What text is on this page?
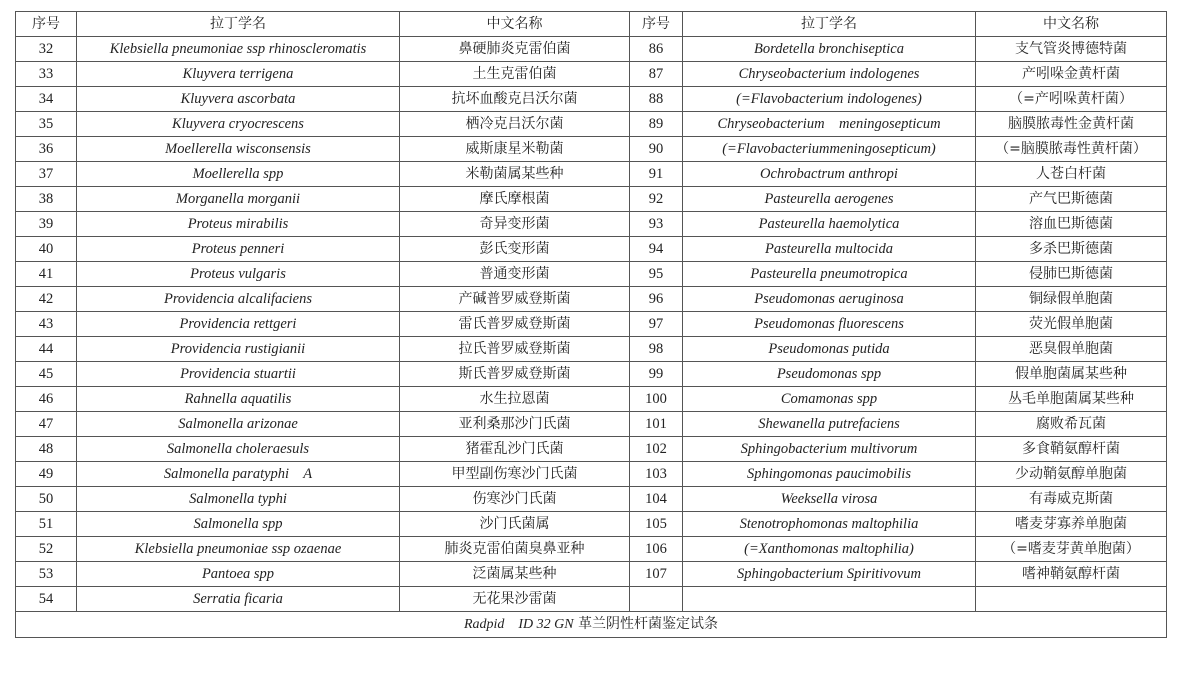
序号	拉丁学名	中文名称	序号	拉丁学名	中文名称
32	Klebsiella pneumoniae ssp rhinoscleromatis	鼻硬肺炎克雷伯菌	86	Bordetella bronchiseptica	支气管炎博德特菌
33	Kluyvera terrigena	土生克雷伯菌	87	Chryseobacterium indologenes	产吲哚金黄杆菌
34	Kluyvera ascorbata	抗坏血酸克吕沃尔菌	88	(=Flavobacterium indologenes)	（=产吲哚黄杆菌）
35	Kluyvera cryocrescens	栖冷克吕沃尔菌	89	Chryseobacterium    meningosepticum	脑膜脓毒性金黄杆菌
36	Moellerella wisconsensis	威斯康星米勒菌	90	(=Flavobacteriummeningosepticum)	（=脑膜脓毒性黄杆菌）
37	Moellerella spp	米勒菌属某些种	91	Ochrobactrum anthropi	人苍白杆菌
38	Morganella morganii	摩氏摩根菌	92	Pasteurella aerogenes	产气巴斯德菌
39	Proteus mirabilis	奇异变形菌	93	Pasteurella haemolytica	溶血巴斯德菌
40	Proteus penneri	彭氏变形菌	94	Pasteurella multocida	多杀巴斯德菌
41	Proteus vulgaris	普通变形菌	95	Pasteurella pneumotropica	侵肺巴斯德菌
42	Providencia alcalifaciens	产碱普罗威登斯菌	96	Pseudomonas aeruginosa	铜绿假单胞菌
43	Providencia rettgeri	雷氏普罗威登斯菌	97	Pseudomonas fluorescens	荧光假单胞菌
44	Providencia rustigianii	拉氏普罗威登斯菌	98	Pseudomonas putida	恶臭假单胞菌
45	Providencia stuartii	斯氏普罗威登斯菌	99	Pseudomonas spp	假单胞菌属某些种
46	Rahnella aquatilis	水生拉恩菌	100	Comamonas spp	丛毛单胞菌属某些种
47	Salmonella arizonae	亚利桑那沙门氏菌	101	Shewanella putrefaciens	腐败希瓦菌
48	Salmonella choleraesuls	猪霍乱沙门氏菌	102	Sphingobacterium multivorum	多食鞘氨醇杆菌
49	Salmonella paratyphi    A	甲型副伤寒沙门氏菌	103	Sphingomonas paucimobilis	少动鞘氨醇单胞菌
50	Salmonella typhi	伤寒沙门氏菌	104	Weeksella virosa	有毒威克斯菌
51	Salmonella spp	沙门氏菌属	105	Stenotrophomonas maltophilia	嗜麦芽寡养单胞菌
52	Klebsiella pneumoniae ssp ozaenae	肺炎克雷伯菌臭鼻亚种	106	(=Xanthomonas maltophilia)	（=嗜麦芽黄单胞菌）
53	Pantoea spp	泛菌属某些种	107	Sphingobacterium Spiritivovum	嗜神鞘氨醇杆菌
54	Serratia ficaria	无花果沙雷菌			
Radpid    ID 32 GN 革兰阴性杆菌鉴定试条					
